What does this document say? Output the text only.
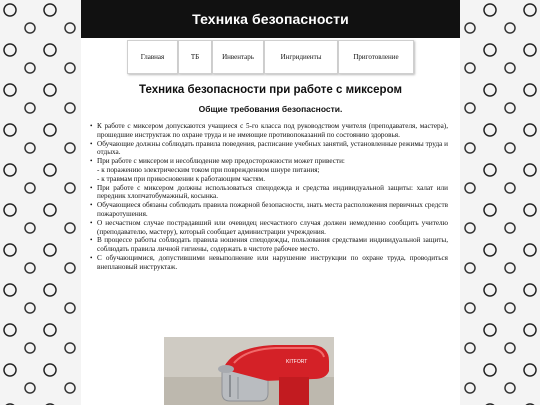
Техника безопасности
Главная	ТБ	Инвентарь	Ингридиенты	Приготовление
Техника безопасности при работе с миксером
Общие требования безопасности.
• К работе с миксером допускаются учащиеся с 5-го класса под руководством учителя (преподавателя, мастера), прошедшие инструктаж по охране труда и не имеющие противопоказаний по состоянию здоровья.
• Обучающие должны соблюдать правила поведения, расписание учебных занятий, установленные режимы труда и отдыха.
• При работе с миксером и несоблюдение мер предосторожности может привести:
- к поражению электрическим током при поврежденном шнуре питания;
- к травмам при прикосновении к работающим частям.
• При работе с миксером должны использоваться спецодежда и средства индивидуальной защиты: халат или передник хлопчатобумажный, косынка.
• Обучающиеся обязаны соблюдать правила пожарной безопасности, знать места расположения первичных средств пожаротушения.
• О несчастном случае пострадавший или очевидец несчастного случая должен немедленно сообщить учителю (преподавателю, мастеру), который сообщает администрации учреждения.
• В процессе работы соблюдать правила ношения спецодежды, пользования средствами индивидуальной защиты, соблюдать правила личной гигиены, содержать в чистоте рабочее место.
• С обучающимися, допустившими невыполнение или нарушение инструкции по охране труда, проводиться внеплановый инструктаж.
KITFORT
